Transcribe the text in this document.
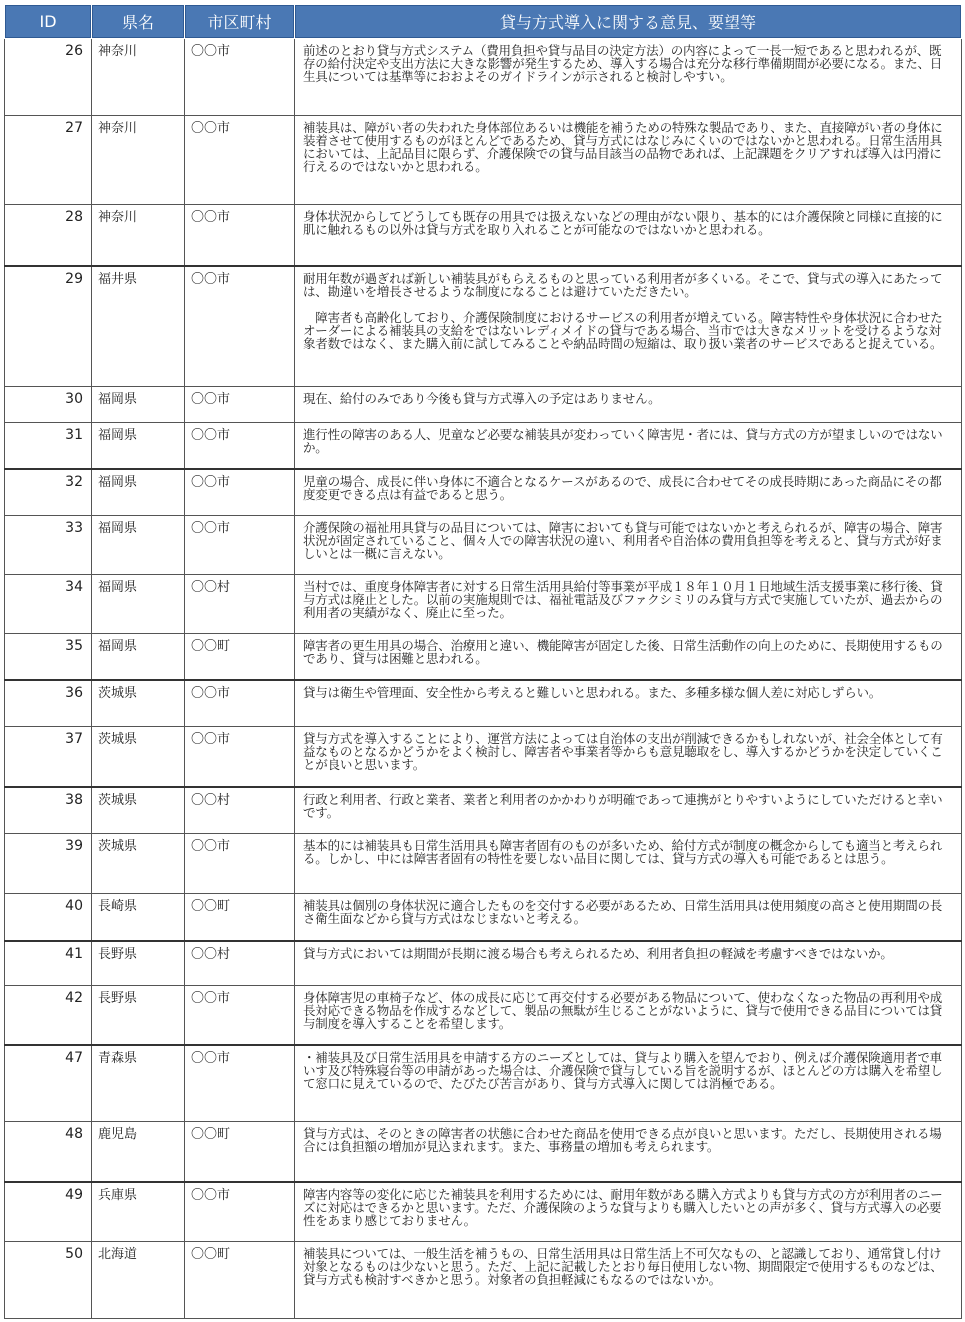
ID	県名	市区町村	貸与方式導入に関する意見、要望等
26	神奈川	〇〇市	前述のとおり貸与方式システム（費用負担や貸与品目の決定方法）の内容によって一長一短であると思われるが、既存の給付決定や支出方法に大きな影響が発生するため、導入する場合は充分な移行準備期間が必要になる。また、日生具については基準等におおよそのガイドラインが示されると検討しやすい。

27	神奈川	〇〇市	補装具は、障がい者の失われた身体部位あるいは機能を補うための特殊な製品であり、また、直接障がい者の身体に装着させて使用するものがほとんどであるため、貸与方式にはなじみにくいのではないかと思われる。日常生活用具においては、上記品目に限らず、介護保険での貸与品目該当の品物であれば、上記課題をクリアすれば導入は円滑に行えるのではないかと思われる。

28	神奈川	〇〇市	身体状況からしてどうしても既存の用具では扱えないなどの理由がない限り、基本的には介護保険と同様に直接的に肌に触れるもの以外は貸与方式を取り入れることが可能なのではないかと思われる。

29	福井県	〇〇市	耐用年数が過ぎれば新しい補装具がもらえるものと思っている利用者が多くいる。そこで、貸与式の導入にあたっては、勘違いを増長させるような制度になることは避けていただきたい。

　障害者も高齢化しており、介護保険制度におけるサービスの利用者が増えている。障害特性や身体状況に合わせたオーダーによる補装具の支給をではないレディメイドの貸与である場合、当市では大きなメリットを受けるような対象者数ではなく、また購入前に試してみることや納品時間の短縮は、取り扱い業者のサービスであると捉えている。

30	福岡県	〇〇市	現在、給付のみであり今後も貸与方式導入の予定はありません。

31	福岡県	〇〇市	進行性の障害のある人、児童など必要な補装具が変わっていく障害児・者には、貸与方式の方が望ましいのではないか。

32	福岡県	〇〇市	児童の場合、成長に伴い身体に不適合となるケースがあるので、成長に合わせてその成長時期にあった商品にその都度変更できる点は有益であると思う。

33	福岡県	〇〇市	介護保険の福祉用具貸与の品目については、障害においても貸与可能ではないかと考えられるが、障害の場合、障害状況が固定されていること、個々人での障害状況の違い、利用者や自治体の費用負担等を考えると、貸与方式が好ましいとは一概に言えない。

34	福岡県	〇〇村	当村では、重度身体障害者に対する日常生活用具給付等事業が平成１８年１０月１日地域生活支援事業に移行後、貸与方式は廃止とした。以前の実施規則では、福祉電話及びファクシミリのみ貸与方式で実施していたが、過去からの利用者の実績がなく、廃止に至った。

35	福岡県	〇〇町	障害者の更生用具の場合、治療用と違い、機能障害が固定した後、日常生活動作の向上のために、長期使用するものであり、貸与は困難と思われる。

36	茨城県	〇〇市	貸与は衛生や管理面、安全性から考えると難しいと思われる。また、多種多様な個人差に対応しずらい。

37	茨城県	〇〇市	貸与方式を導入することにより、運営方法によっては自治体の支出が削減できるかもしれないが、社会全体として有益なものとなるかどうかをよく検討し、障害者や事業者等からも意見聴取をし、導入するかどうかを決定していくことが良いと思います。

38	茨城県	〇〇村	行政と利用者、行政と業者、業者と利用者のかかわりが明確であって連携がとりやすいようにしていただけると幸いです。

39	茨城県	〇〇市	基本的には補装具も日常生活用具も障害者固有のものが多いため、給付方式が制度の概念からしても適当と考えられる。しかし、中には障害者固有の特性を要しない品目に関しては、貸与方式の導入も可能であるとは思う。

40	長崎県	〇〇町	補装具は個別の身体状況に適合したものを交付する必要があるため、日常生活用具は使用頻度の高さと使用期間の長さ衛生面などから貸与方式はなじまないと考える。

41	長野県	〇〇村	貸与方式においては期間が長期に渡る場合も考えられるため、利用者負担の軽減を考慮すべきではないか。

42	長野県	〇〇市	身体障害児の車椅子など、体の成長に応じて再交付する必要がある物品について、使わなくなった物品の再利用や成長対応できる物品を作成するなどして、製品の無駄が生じることがないように、貸与で使用できる品目については貸与制度を導入することを希望します。

47	青森県	〇〇市	・補装具及び日常生活用具を申請する方のニーズとしては、貸与より購入を望んでおり、例えば介護保険適用者で車いす及び特殊寝台等の申請があった場合は、介護保険で貸与している旨を説明するが、ほとんどの方は購入を希望して窓口に見えているので、たびたび苦言があり、貸与方式導入に関しては消極である。

48	鹿児島	〇〇町	貸与方式は、そのときの障害者の状態に合わせた商品を使用できる点が良いと思います。ただし、長期使用される場合には負担額の増加が見込まれます。また、事務量の増加も考えられます。

49	兵庫県	〇〇市	障害内容等の変化に応じた補装具を利用するためには、耐用年数がある購入方式よりも貸与方式の方が利用者のニーズに対応はできるかと思います。ただ、介護保険のような貸与よりも購入したいとの声が多く、貸与方式導入の必要性をあまり感じておりません。

50	北海道	〇〇町	補装具については、一般生活を補うもの、日常生活用具は日常生活上不可欠なもの、と認識しており、通常貸し付け対象となるものは少ないと思う。ただ、上記に記載したとおり毎日使用しない物、期間限定で使用するものなどは、貸与方式も検討すべきかと思う。対象者の負担軽減にもなるのではないか。
